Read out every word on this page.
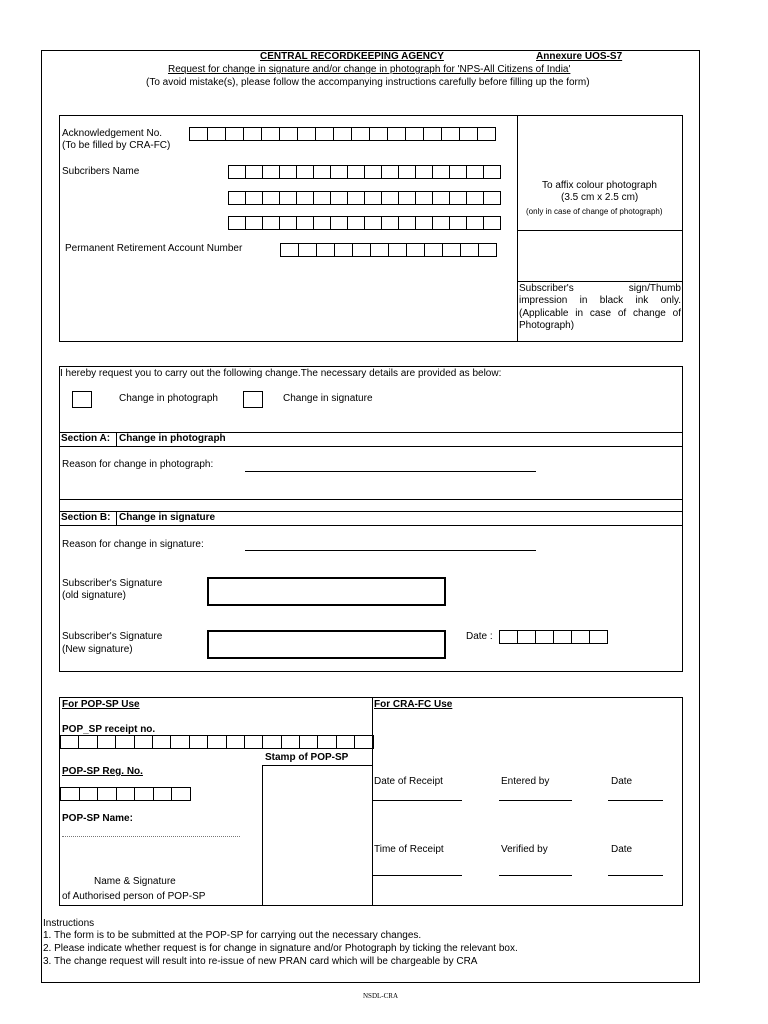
CENTRAL RECORDKEEPING AGENCY	Annexure UOS-S7
Request for change in signature and/or change in photograph for 'NPS-All Citizens of India'
(To avoid mistake(s), please follow the accompanying instructions carefully before filling up the form)
Acknowledgement No.
(To be filled by CRA-FC)
Subcribers Name
Permanent Retirement Account Number
To affix colour photograph
(3.5 cm x 2.5 cm)
(only in case of change of photograph)
Subscriber's sign/Thumb
impression in black ink only.
(Applicable in case of change of
Photograph)
I hereby request you to carry out the following change.The necessary details are provided as below:
Change in photograph	Change in signature
Section A: Change in photograph
Reason for change in photograph:
Section B: Change in signature
Reason for change in signature:
Subscriber's Signature
(old signature)
Subscriber's Signature
(New signature)
Date :
For POP-SP Use	For CRA-FC Use
POP_SP receipt no.
Stamp of POP-SP
POP-SP Reg. No.
POP-SP Name:
Name & Signature
of Authorised person of POP-SP
Date of Receipt	Entered by	Date
Time of Receipt	Verified by	Date
Instructions
1. The form is to be submitted at the POP-SP for carrying out the necessary changes.
2. Please indicate whether request is for change in signature and/or Photograph by ticking the relevant box.
3. The change request will result into re-issue of new PRAN card which will be chargeable by CRA
NSDL-CRA
